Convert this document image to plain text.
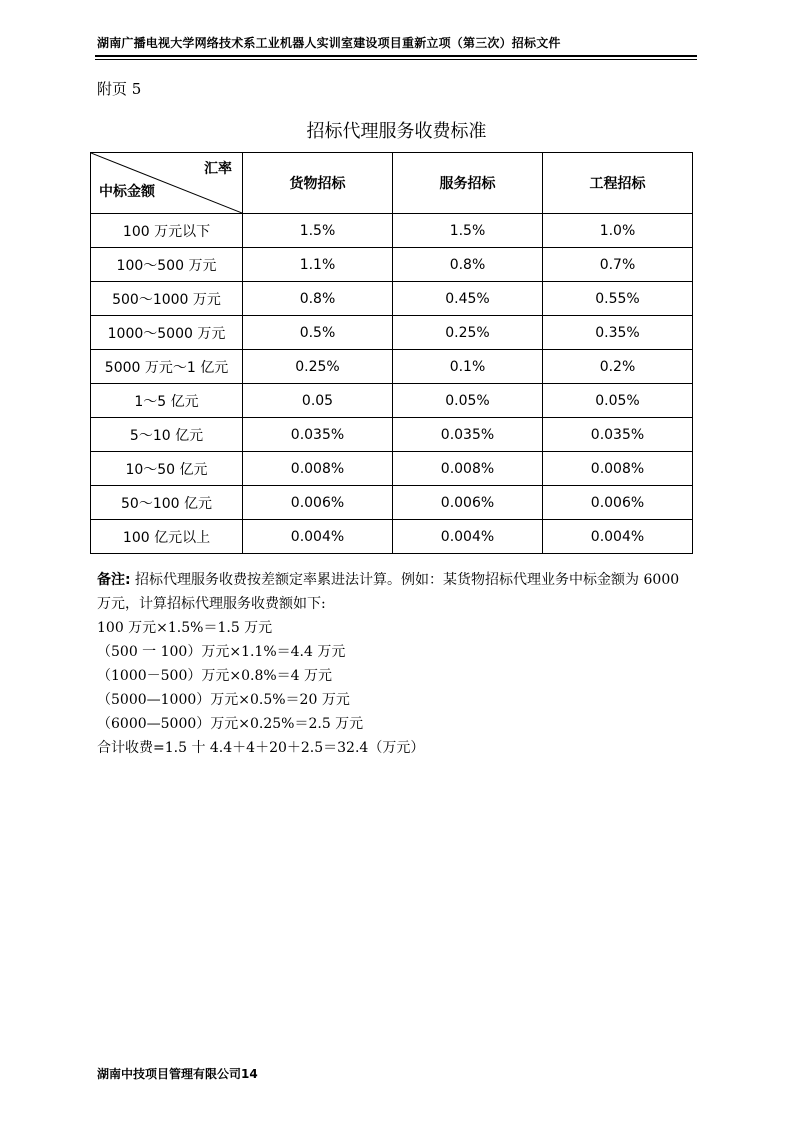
湖南广播电视大学网络技术系工业机器人实训室建设项目重新立项（第三次）招标文件
附页 5
招标代理服务收费标准
汇率
中标金额	货物招标	服务招标	工程招标
100 万元以下	1.5%	1.5%	1.0%
100～500 万元	1.1%	0.8%	0.7%
500～1000 万元	0.8%	0.45%	0.55%
1000～5000 万元	0.5%	0.25%	0.35%
5000 万元～1 亿元	0.25%	0.1%	0.2%
1～5 亿元	0.05	0.05%	0.05%
5～10 亿元	0.035%	0.035%	0.035%
10～50 亿元	0.008%	0.008%	0.008%
50～100 亿元	0.006%	0.006%	0.006%
100 亿元以上	0.004%	0.004%	0.004%

备注: 招标代理服务收费按差额定率累进法计算。例如：某货物招标代理业务中标金额为 6000 万元，计算招标代理服务收费额如下:

100 万元×1.5%＝1.5 万元

（500 一 100）万元×1.1%＝4.4 万元

（1000－500）万元×0.8%＝4 万元

（5000—1000）万元×0.5%＝20 万元

（6000—5000）万元×0.25%＝2.5 万元

合计收费=1.5 十 4.4＋4＋20＋2.5＝32.4（万元）

湖南中技项目管理有限公司14
